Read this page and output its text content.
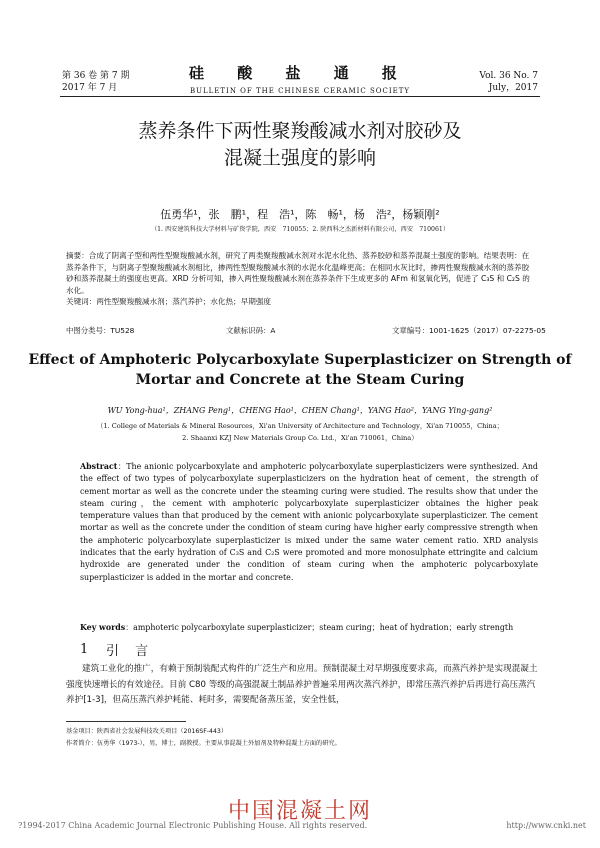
第 36 卷 第 7 期
2017 年 7 月
硅 酸 盐 通 报
BULLETIN OF THE CHINESE CERAMIC SOCIETY
Vol. 36 No. 7
July，2017
蒸养条件下两性聚羧酸减水剂对胶砂及
混凝土强度的影响
伍勇华¹，张　鹏¹，程　浩¹，陈　畅¹，杨　浩²，杨颖刚²
（1. 西安建筑科技大学材料与矿资学院，西安　710055；2. 陕西科之杰新材料有限公司，西安　710061）
摘要：合成了阴离子型和两性型聚羧酸减水剂，研究了两类聚羧酸减水剂对水泥水化热、蒸养胶砂和蒸养混凝土强度的影响。结果表明：在蒸养条件下，与阴离子型聚羧酸减水剂相比，掺两性型聚羧酸减水剂的水泥水化温峰更高；在相同水灰比时，掺两性聚羧酸减水剂的蒸养胶砂和蒸养混凝土的强度也更高。XRD 分析可知，掺入两性聚羧酸减水剂在蒸养条件下生成更多的 AFm 和氢氧化钙，促进了 C₃S 和 C₂S 的水化。
关键词：两性型聚羧酸减水剂；蒸汽养护；水化热；早期强度
中图分类号：TU528	文献标识码：A	文章编号：1001-1625（2017）07-2275-05
Effect of Amphoteric Polycarboxylate Superplasticizer on Strength of
Mortar and Concrete at the Steam Curing
WU Yong-hua¹，ZHANG Peng¹，CHENG Hao¹，CHEN Chang¹，YANG Hao²，YANG Ying-gang²
（1. College of Materials & Mineral Resources，Xi'an University of Architecture and Technology，Xi'an 710055，China；
2. Shaanxi KZJ New Materials Group Co. Ltd.，Xi'an 710061，China）
Abstract：The anionic polycarboxylate and amphoteric polycarboxylate superplasticizers were synthesized. And the effect of two types of polycarboxylate superplasticizers on the hydration heat of cement，the strength of cement mortar as well as the concrete under the steaming curing were studied. The results show that under the steam curing，the cement with amphoteric polycarboxylate superplasticizer obtaines the higher peak temperature values than that produced by the cement with anionic polycarboxylate superplasticizer. The cement mortar as well as the concrete under the condition of steam curing have higher early compressive strength when the amphoteric polycarboxylate superplasticizer is mixed under the same water cement ratio. XRD analysis indicates that the early hydration of C₃S and C₂S were promoted and more monosulphate ettringite and calcium hydroxide are generated under the condition of steam curing when the amphoteric polycarboxylate superplasticizer is added in the mortar and concrete.
Key words：amphoteric polycarboxylate superplasticizer；steam curing；heat of hydration；early strength
1 引 言
建筑工业化的推广，有赖于预制装配式构件的广泛生产和应用。预制混凝土对早期强度要求高，而蒸汽养护是实现混凝土强度快速增长的有效途径。目前 C80 等级的高强混凝土制品养护普遍采用两次蒸汽养护，即常压蒸汽养护后再进行高压蒸汽养护[1-3]，但高压蒸汽养护耗能、耗时多，需要配备蒸压釜，安全性低，
基金项目：陕西省社会发展科技攻关项目（2016SF-443）
作者简介：伍勇华（1973-），男，博士，副教授。主要从事混凝土外加剂及特种混凝土方面的研究。
中国混凝土网
?1994-2017 China Academic Journal Electronic Publishing House. All rights reserved.	http://www.cnki.net
